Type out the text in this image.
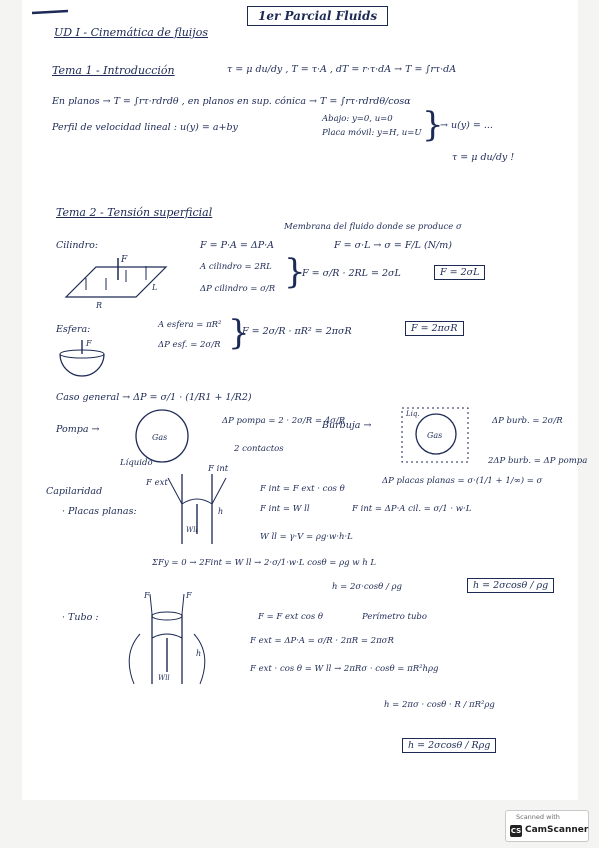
1er Parcial Fluids
UD I - Cinemática de fluijos
Tema 1 - Introducción	τ = μ du/dy , T = τ·A , dT = r·τ·dA → T = ∫rτ·dA
En planos → T = ∫rτ·rdrdθ , en planos en sup. cónica → T = ∫rτ·rdrdθ/cosα
Perfil de velocidad lineal : u(y) = a+by
Abajo: y=0, u=0
Placa móvil: y=H, u=U }
→ u(y) = ...
τ = μ du/dy !
Tema 2 - Tensión superficial
Membrana del fluido donde se produce σ
Cilindro:
F
L
R
F = P·A = ΔP·A	F = σ·L → σ = F/L (N/m)
A cilindro = 2RL
ΔP cilindro = σ/R }
F = σ/R · 2RL = 2σL	F = 2σL
Esfera:
F
A esfera = πR²
ΔP esf. = 2σ/R }
F = 2σ/R · πR² = 2πσR	F = 2πσR
Caso general → ΔP = σ/1 · (1/R1 + 1/R2)
Pompa →
Gas
ΔP pompa = 2 · 2σ/R = 4σ/R
2 contactos
Burbuja →
Gas
Liq.
ΔP burb. = 2σ/R
2ΔP burb. = ΔP pompa
Capilaridad
· Placas planas:
Wll
h
F ext
F int
Líquido
F int = F ext · cos θ
ΔP placas planas = σ·(1/1 + 1/∞) = σ
F int = W ll	F int = ΔP·A cil. = σ/1 · w·L
W ll = γ·V = ρg·w·h·L
ΣFy = 0 → 2Fint = W ll → 2·σ/1·w·L cosθ = ρg w h L
h = 2σ·cosθ / ρg	h = 2σcosθ / ρg
· Tubo :
Wll
F	F
h
F = F ext cos θ	Perímetro tubo
F ext = ΔP·A = σ/R · 2πR = 2πσR
F ext · cos θ = W ll → 2πRσ · cosθ = πR²hρg
h = 2πσ · cosθ · R / πR²ρg
h = 2σcosθ / Rρg
Scanned with
CS CamScanner
